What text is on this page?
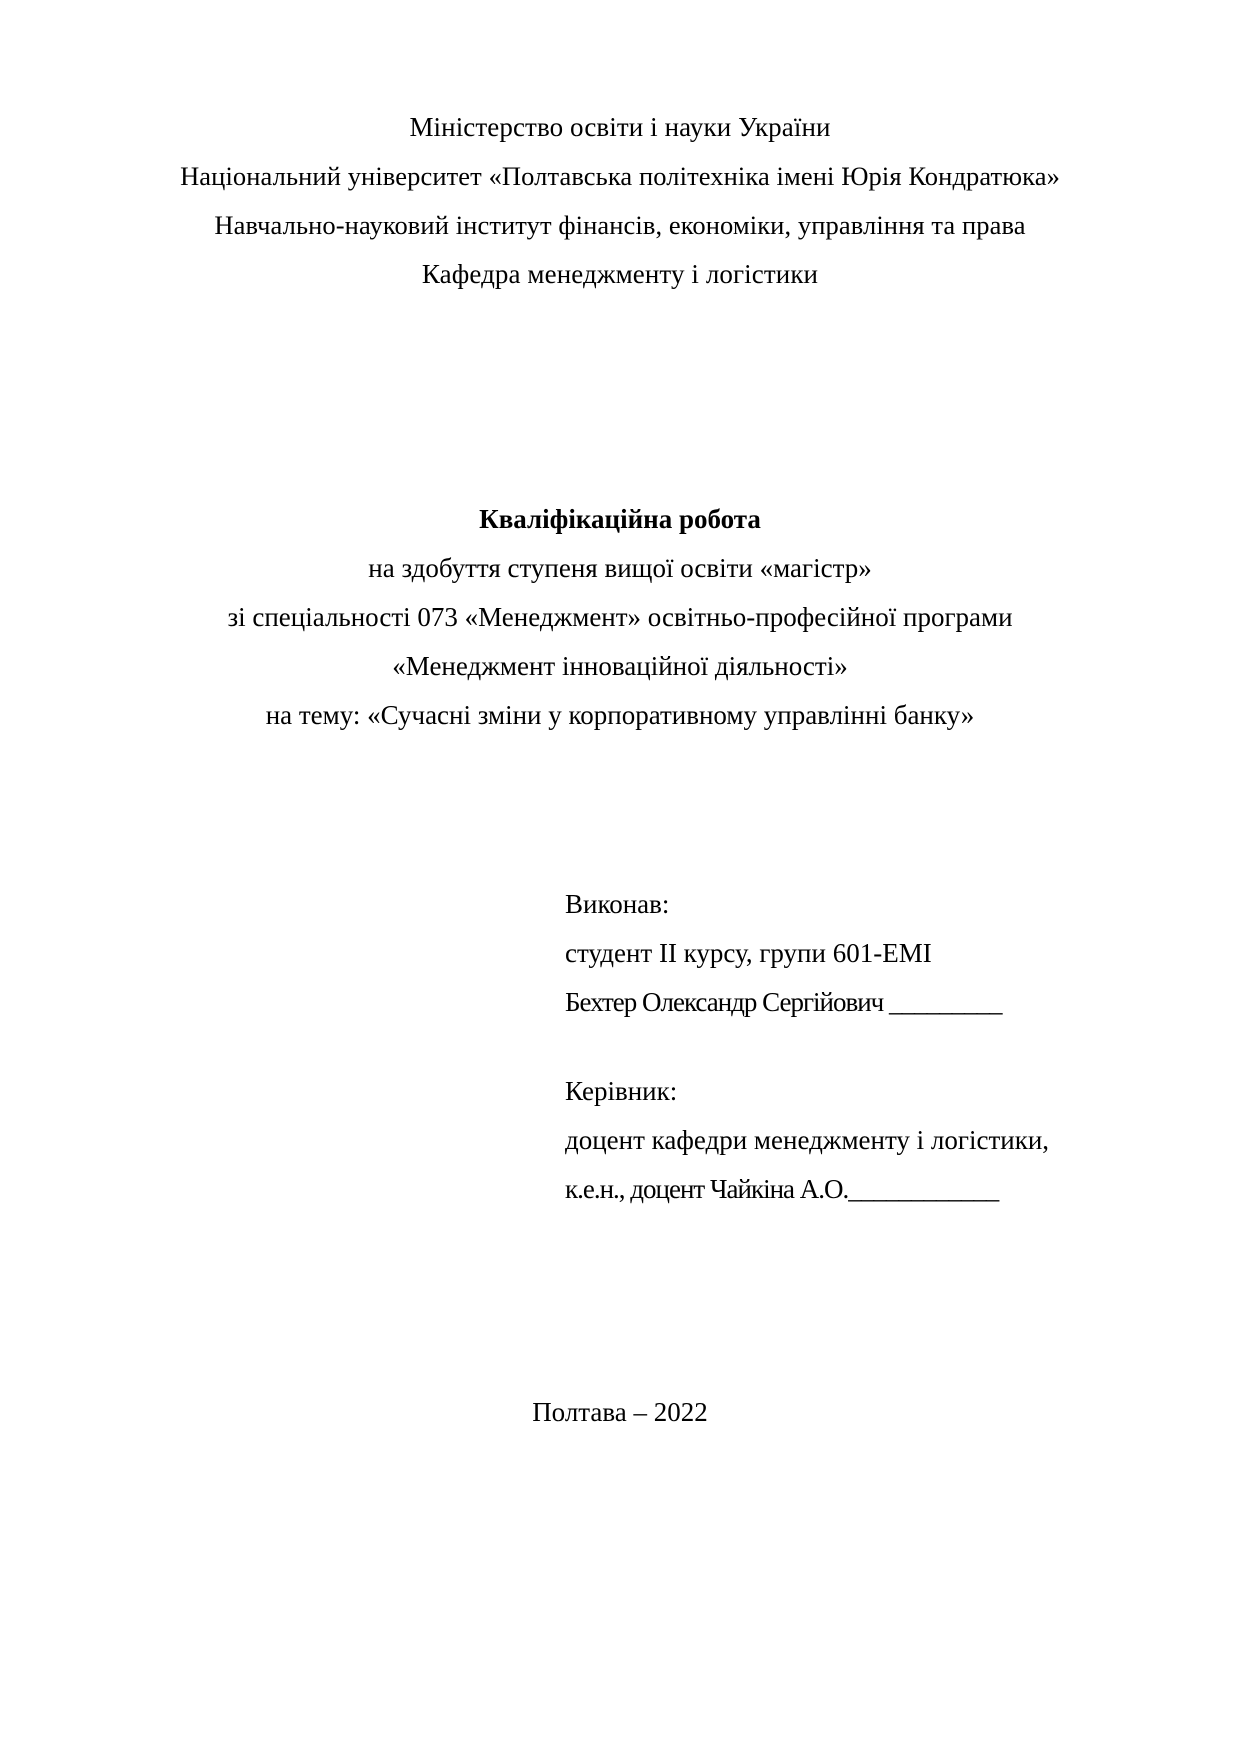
Міністерство освіти і науки України
Національний університет «Полтавська політехніка імені Юрія Кондратюка»
Навчально-науковий інститут фінансів, економіки, управління та права
Кафедра менеджменту і логістики
Кваліфікаційна робота
на здобуття ступеня вищої освіти «магістр»
зі спеціальності 073 «Менеджмент» освітньо-професійної програми
«Менеджмент інноваційної діяльності»
на тему: «Сучасні зміни у корпоративному управлінні банку»
Виконав:
студент II курсу, групи 601-ЕМІ
Бехтер Олександр Сергійович _________
Керівник:
доцент кафедри менеджменту і логістики,
к.е.н., доцент Чайкіна А.О.____________
Полтава – 2022
